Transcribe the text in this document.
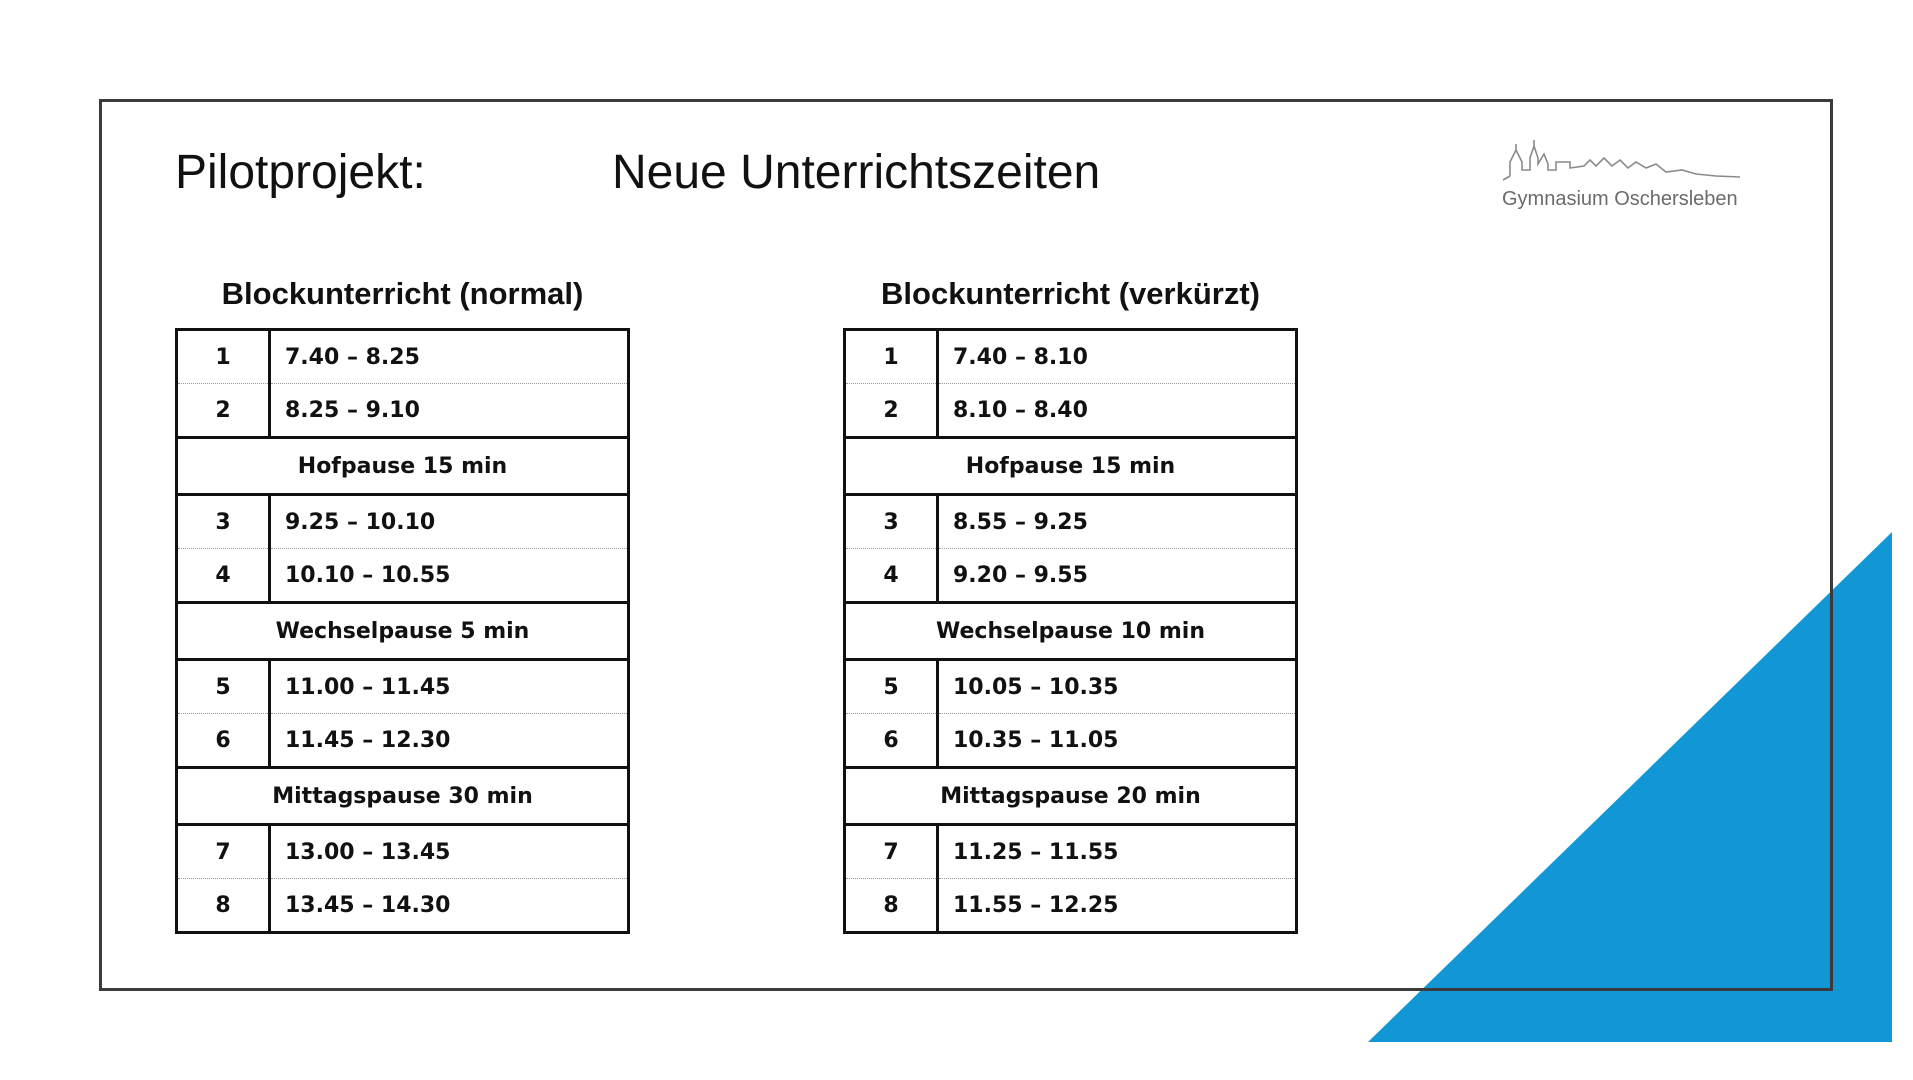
Pilotprojekt:	Neue Unterrichtszeiten	Gymnasium Oschersleben
Blockunterricht (normal)
1	7.40 – 8.25
2	8.25 – 9.10
Hofpause 15 min	
3	9.25 – 10.10
4	10.10 – 10.55
Wechselpause 5 min	
5	11.00 – 11.45
6	11.45 – 12.30
Mittagspause 30 min	
7	13.00 – 13.45
8	13.45 – 14.30
Blockunterricht (verkürzt)
1	7.40 – 8.10
2	8.10 – 8.40
Hofpause 15 min	
3	8.55 – 9.25
4	9.20 – 9.55
Wechselpause 10 min	
5	10.05 – 10.35
6	10.35 – 11.05
Mittagspause 20 min	
7	11.25 – 11.55
8	11.55 – 12.25
